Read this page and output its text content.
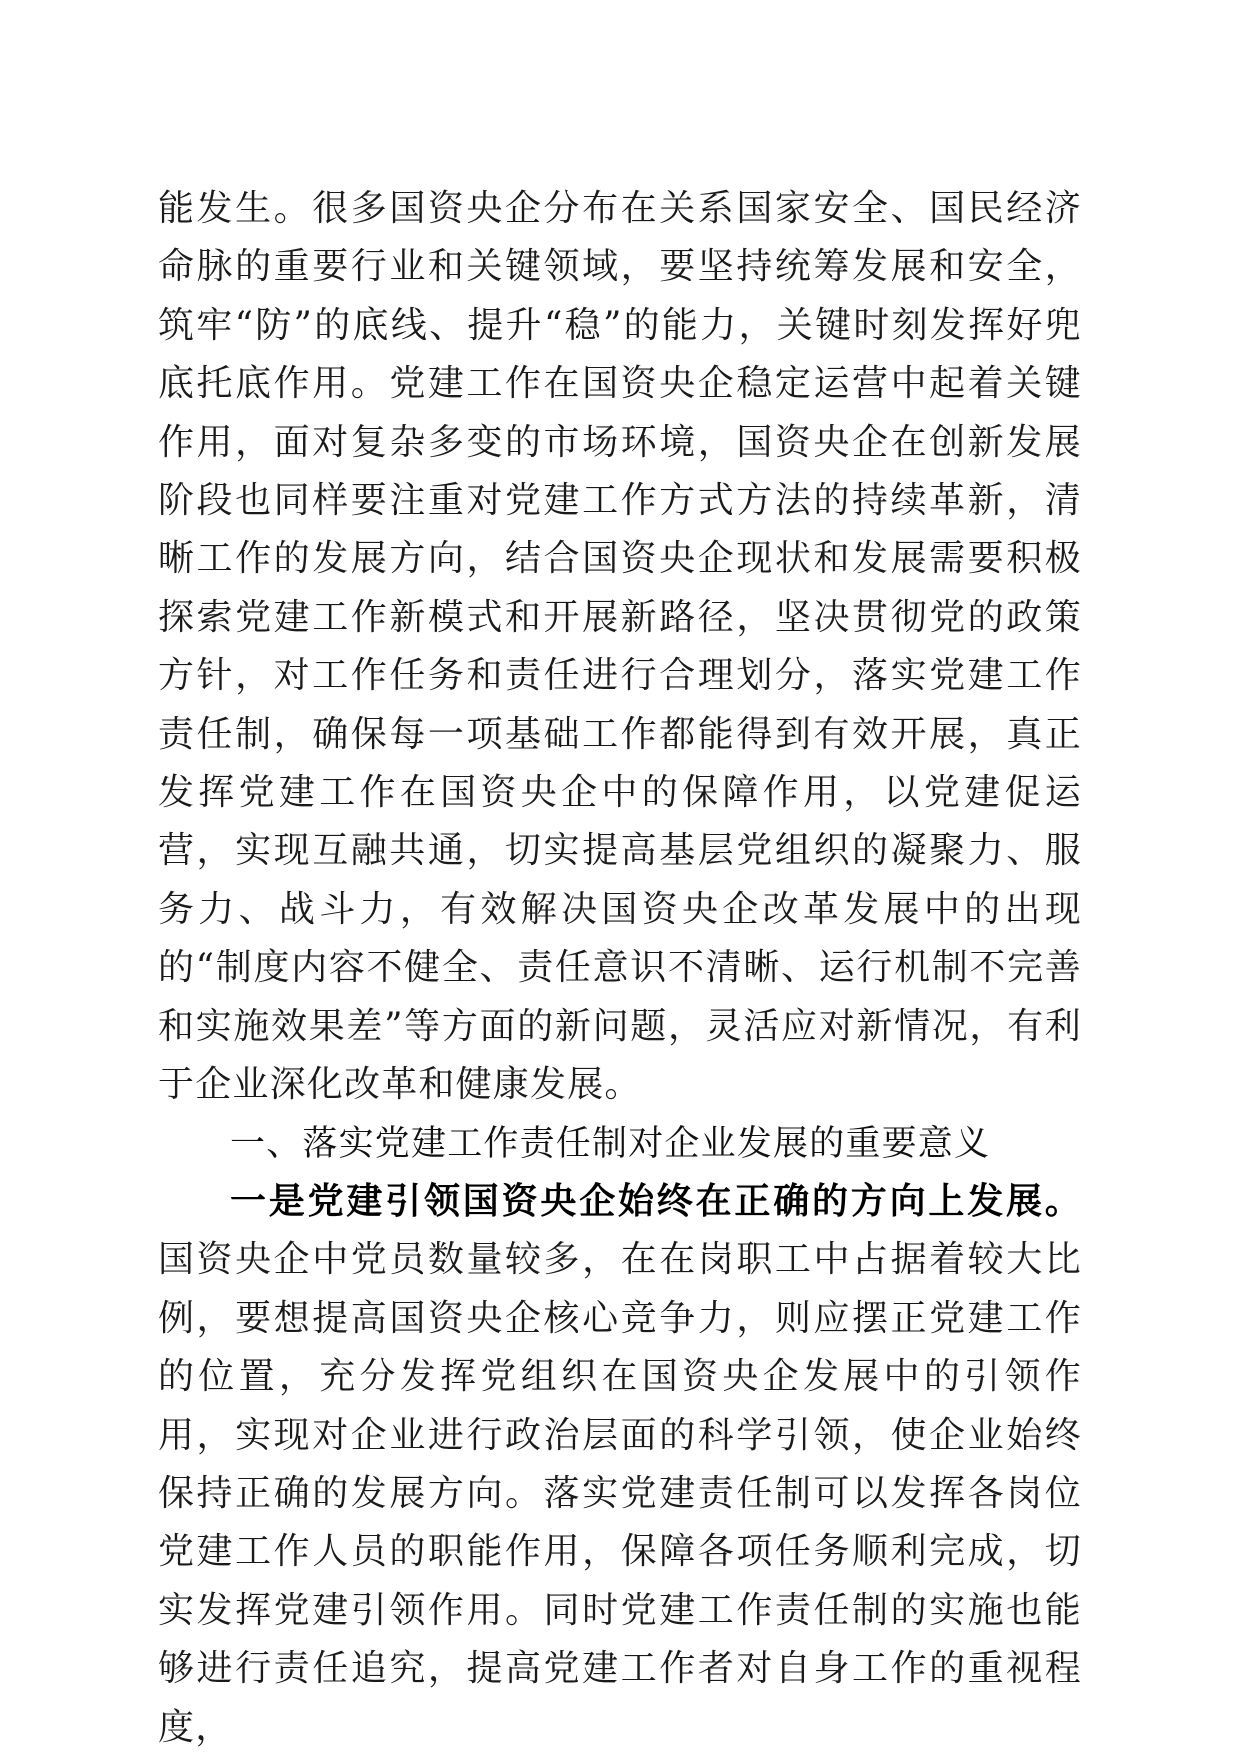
能发生。很多国资央企分布在关系国家安全、国民经济命脉的重要行业和关键领域，要坚持统筹发展和安全，筑牢“防”的底线、提升“稳”的能力，关键时刻发挥好兜底托底作用。党建工作在国资央企稳定运营中起着关键作用，面对复杂多变的市场环境，国资央企在创新发展阶段也同样要注重对党建工作方式方法的持续革新，清晰工作的发展方向，结合国资央企现状和发展需要积极探索党建工作新模式和开展新路径，坚决贯彻党的政策方针，对工作任务和责任进行合理划分，落实党建工作责任制，确保每一项基础工作都能得到有效开展，真正发挥党建工作在国资央企中的保障作用，以党建促运营，实现互融共通，切实提高基层党组织的凝聚力、服务力、战斗力，有效解决国资央企改革发展中的出现的“制度内容不健全、责任意识不清晰、运行机制不完善和实施效果差”等方面的新问题，灵活应对新情况，有利于企业深化改革和健康发展。

一、落实党建工作责任制对企业发展的重要意义

一是党建引领国资央企始终在正确的方向上发展。国资央企中党员数量较多，在在岗职工中占据着较大比例，要想提高国资央企核心竞争力，则应摆正党建工作的位置，充分发挥党组织在国资央企发展中的引领作用，实现对企业进行政治层面的科学引领，使企业始终保持正确的发展方向。落实党建责任制可以发挥各岗位党建工作人员的职能作用，保障各项任务顺利完成，切实发挥党建引领作用。同时党建工作责任制的实施也能够进行责任追究，提高党建工作者对自身工作的重视程度，
